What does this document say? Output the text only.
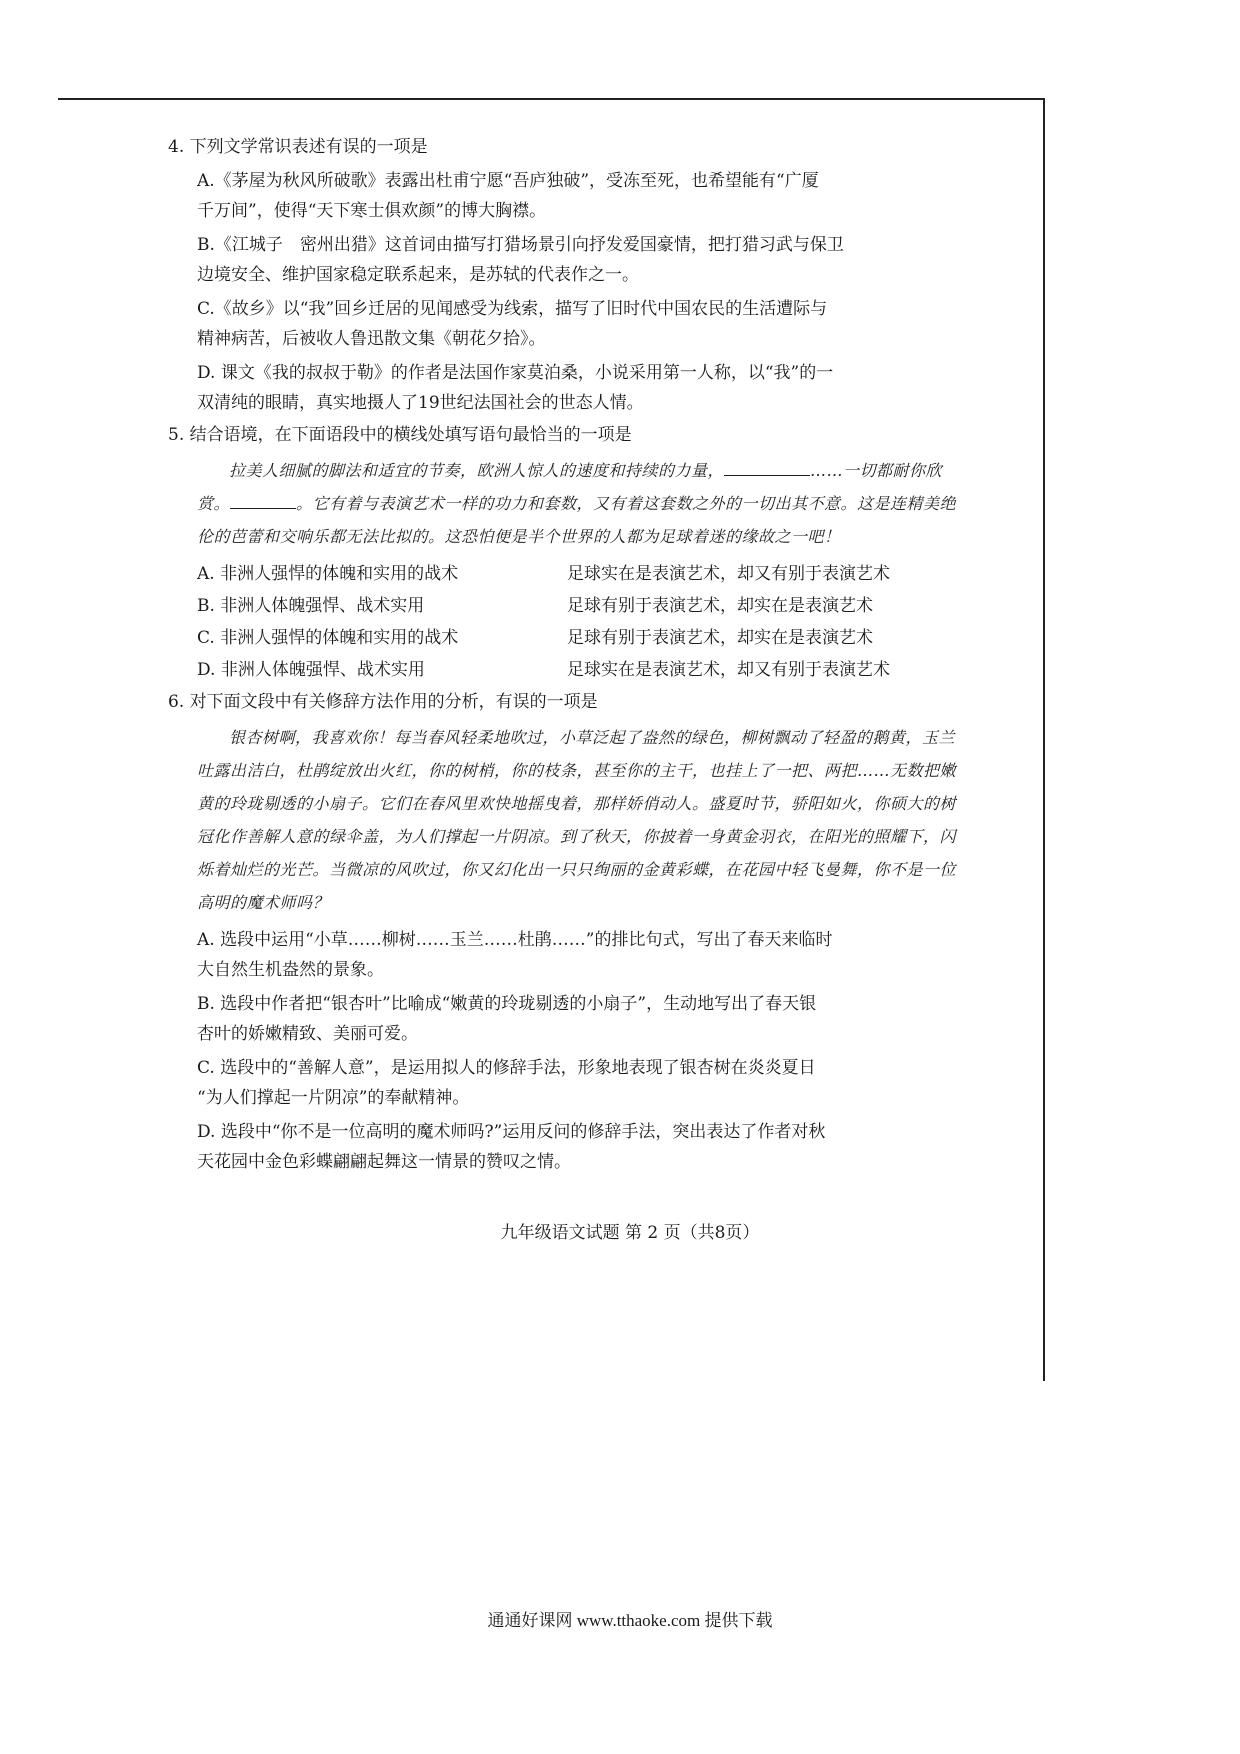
4. 下列文学常识表述有误的一项是

A.《茅屋为秋风所破歌》表露出杜甫宁愿“吾庐独破”，受冻至死，也希望能有“广厦
千万间”，使得“天下寒士俱欢颜”的博大胸襟。

B.《江城子　密州出猎》这首词由描写打猎场景引向抒发爱国豪情，把打猎习武与保卫
边境安全、维护国家稳定联系起来，是苏轼的代表作之一。

C.《故乡》以“我”回乡迁居的见闻感受为线索，描写了旧时代中国农民的生活遭际与
精神病苦，后被收人鲁迅散文集《朝花夕拾》。

D. 课文《我的叔叔于勒》的作者是法国作家莫泊桑，小说采用第一人称，以“我”的一
双清纯的眼睛，真实地摄人了19世纪法国社会的世态人情。

5. 结合语境，在下面语段中的横线处填写语句最恰当的一项是

拉美人细腻的脚法和适宜的节奏，欧洲人惊人的速度和持续的力量，	……一切都耐你欣赏。	。它有着与表演艺术一样的功力和套数，又有着这套数之外的一切出其不意。这是连精美绝伦的芭蕾和交响乐都无法比拟的。这恐怕便是半个世界的人都为足球着迷的缘故之一吧！

A. 非洲人强悍的体魄和实用的战术	足球实在是表演艺术，却又有别于表演艺术
B. 非洲人体魄强悍、战术实用	足球有别于表演艺术，却实在是表演艺术
C. 非洲人强悍的体魄和实用的战术	足球有别于表演艺术，却实在是表演艺术
D. 非洲人体魄强悍、战术实用	足球实在是表演艺术，却又有别于表演艺术

6. 对下面文段中有关修辞方法作用的分析，有误的一项是

银杏树啊，我喜欢你！每当春风轻柔地吹过，小草泛起了盎然的绿色，柳树飘动了轻盈的鹅黄，玉兰吐露出洁白，杜鹃绽放出火红，你的树梢，你的枝条，甚至你的主干，也挂上了一把、两把……无数把嫩黄的玲珑剔透的小扇子。它们在春风里欢快地摇曳着，那样娇俏动人。盛夏时节，骄阳如火，你硕大的树冠化作善解人意的绿伞盖，为人们撑起一片阴凉。到了秋天，你披着一身黄金羽衣，在阳光的照耀下，闪烁着灿烂的光芒。当微凉的风吹过，你又幻化出一只只绚丽的金黄彩蝶，在花园中轻飞曼舞，你不是一位高明的魔术师吗？

A. 选段中运用“小草……柳树……玉兰……杜鹃……”的排比句式，写出了春天来临时
大自然生机盎然的景象。

B. 选段中作者把“银杏叶”比喻成“嫩黄的玲珑剔透的小扇子”，生动地写出了春天银
杏叶的娇嫩精致、美丽可爱。

C. 选段中的“善解人意”，是运用拟人的修辞手法，形象地表现了银杏树在炎炎夏日
“为人们撑起一片阴凉”的奉献精神。

D. 选段中“你不是一位高明的魔术师吗?”运用反问的修辞手法，突出表达了作者对秋
天花园中金色彩蝶翩翩起舞这一情景的赞叹之情。

九年级语文试题 第 2 页（共8页）
通通好课网 www.tthaoke.com 提供下载
